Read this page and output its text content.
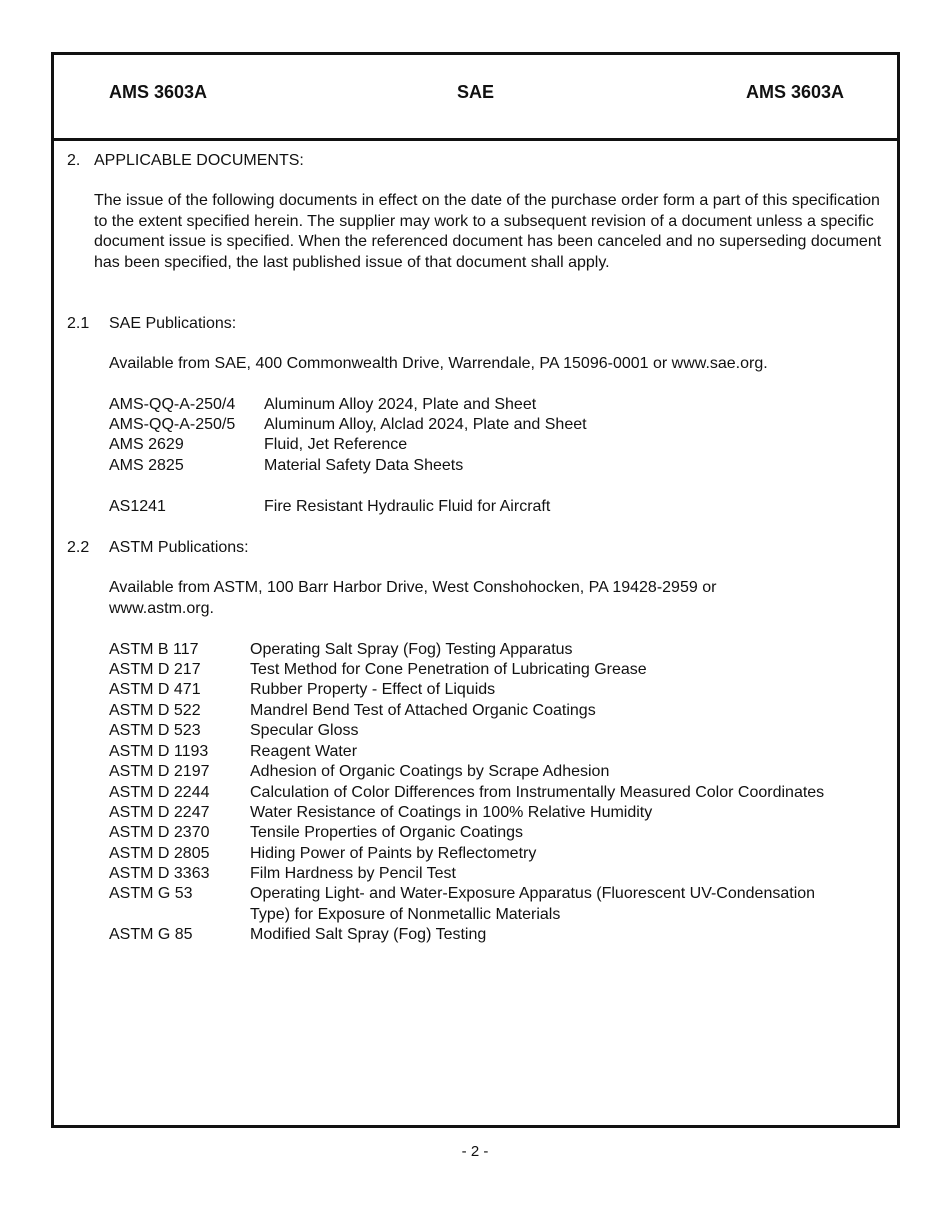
AMS 3603A	SAE	AMS 3603A
2. APPLICABLE DOCUMENTS:
The issue of the following documents in effect on the date of the purchase order form a part of this specification to the extent specified herein. The supplier may work to a subsequent revision of a document unless a specific document issue is specified. When the referenced document has been canceled and no superseding document has been specified, the last published issue of that document shall apply.
2.1 SAE Publications:
Available from SAE, 400 Commonwealth Drive, Warrendale, PA 15096-0001 or www.sae.org.
AMS-QQ-A-250/4 Aluminum Alloy 2024, Plate and Sheet
AMS-QQ-A-250/5 Aluminum Alloy, Alclad 2024, Plate and Sheet
AMS 2629	Fluid, Jet Reference
AMS 2825	Material Safety Data Sheets
AS1241	Fire Resistant Hydraulic Fluid for Aircraft
2.2 ASTM Publications:
Available from ASTM, 100 Barr Harbor Drive, West Conshohocken, PA 19428-2959 or
www.astm.org.
ASTM B 117	Operating Salt Spray (Fog) Testing Apparatus
ASTM D 217	Test Method for Cone Penetration of Lubricating Grease
ASTM D 471	Rubber Property - Effect of Liquids
ASTM D 522	Mandrel Bend Test of Attached Organic Coatings
ASTM D 523	Specular Gloss
ASTM D 1193	Reagent Water
ASTM D 2197	Adhesion of Organic Coatings by Scrape Adhesion
ASTM D 2244	Calculation of Color Differences from Instrumentally Measured Color Coordinates
ASTM D 2247	Water Resistance of Coatings in 100% Relative Humidity
ASTM D 2370	Tensile Properties of Organic Coatings
ASTM D 2805	Hiding Power of Paints by Reflectometry
ASTM D 3363	Film Hardness by Pencil Test
ASTM G 53	Operating Light- and Water-Exposure Apparatus (Fluorescent UV-Condensation
Type) for Exposure of Nonmetallic Materials
ASTM G 85	Modified Salt Spray (Fog) Testing
- 2 -
